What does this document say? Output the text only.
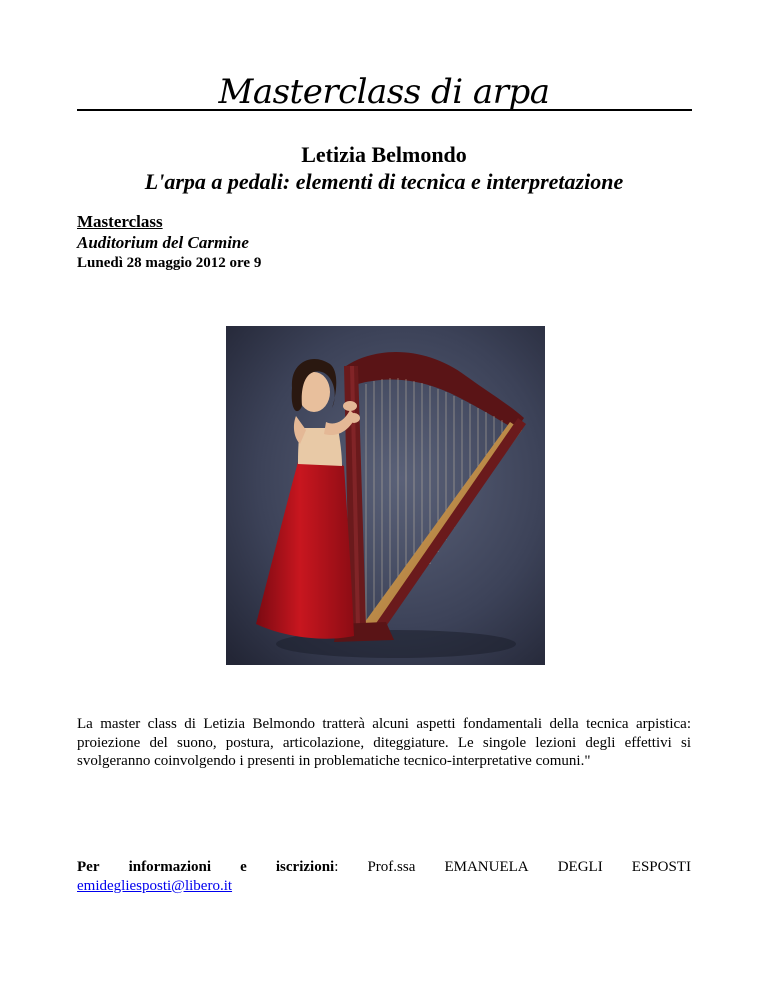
Masterclass di arpa
Letizia Belmondo
L'arpa a pedali: elementi di tecnica e interpretazione
Masterclass
Auditorium del Carmine
Lunedì 28 maggio 2012 ore 9
La master class di Letizia Belmondo tratterà alcuni aspetti fondamentali della tecnica arpistica: proiezione del suono, postura, articolazione, diteggiature. Le singole lezioni degli effettivi si svolgeranno coinvolgendo i presenti in problematiche tecnico-interpretative comuni."
Per informazioni e iscrizioni: Prof.ssa EMANUELA DEGLI ESPOSTI
emidegliesposti@libero.it
